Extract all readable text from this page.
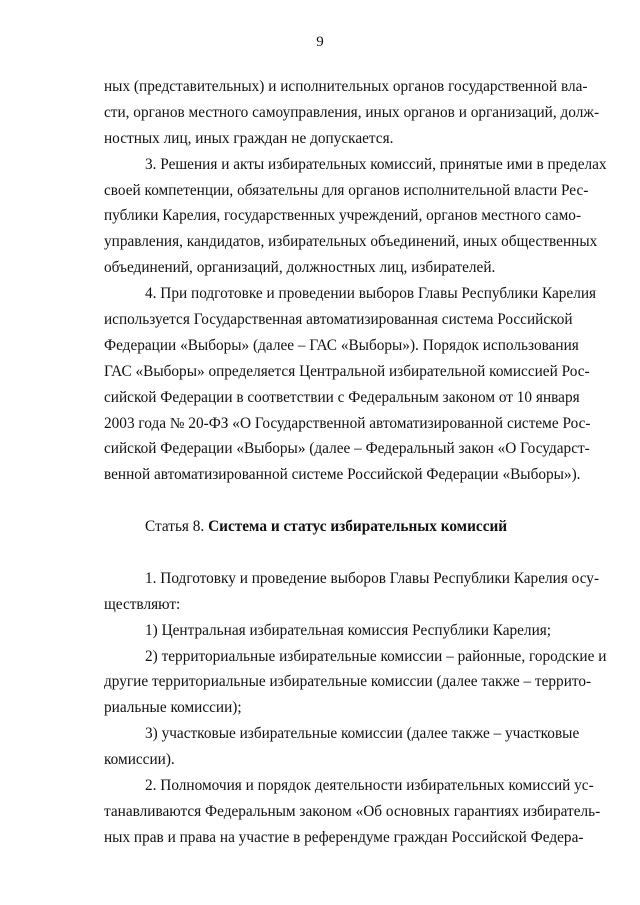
9
ных (представительных) и исполнительных органов государственной вла-
сти, органов местного самоуправления, иных органов и организаций, долж-
ностных лиц, иных граждан не допускается.
3. Решения и акты избирательных комиссий, принятые ими в пределах
своей компетенции, обязательны для органов исполнительной власти Рес-
публики Карелия, государственных учреждений, органов местного само-
управления, кандидатов, избирательных объединений, иных общественных
объединений, организаций, должностных лиц, избирателей.
4. При подготовке и проведении выборов Главы Республики Карелия
используется Государственная автоматизированная система Российской
Федерации «Выборы» (далее – ГАС «Выборы»). Порядок использования
ГАС «Выборы» определяется Центральной избирательной комиссией Рос-
сийской Федерации в соответствии с Федеральным законом от 10 января
2003 года № 20-ФЗ «О Государственной автоматизированной системе Рос-
сийской Федерации «Выборы» (далее – Федеральный закон «О Государст-
венной автоматизированной системе Российской Федерации «Выборы»).
Статья 8. Система и статус избирательных комиссий
1. Подготовку и проведение выборов Главы Республики Карелия осу-
ществляют:
1) Центральная избирательная комиссия Республики Карелия;
2) территориальные избирательные комиссии – районные, городские и
другие территориальные избирательные комиссии (далее также – террито-
риальные комиссии);
3) участковые избирательные комиссии (далее также – участковые
комиссии).
2. Полномочия и порядок деятельности избирательных комиссий ус-
танавливаются Федеральным законом «Об основных гарантиях избиратель-
ных прав и права на участие в референдуме граждан Российской Федера-
